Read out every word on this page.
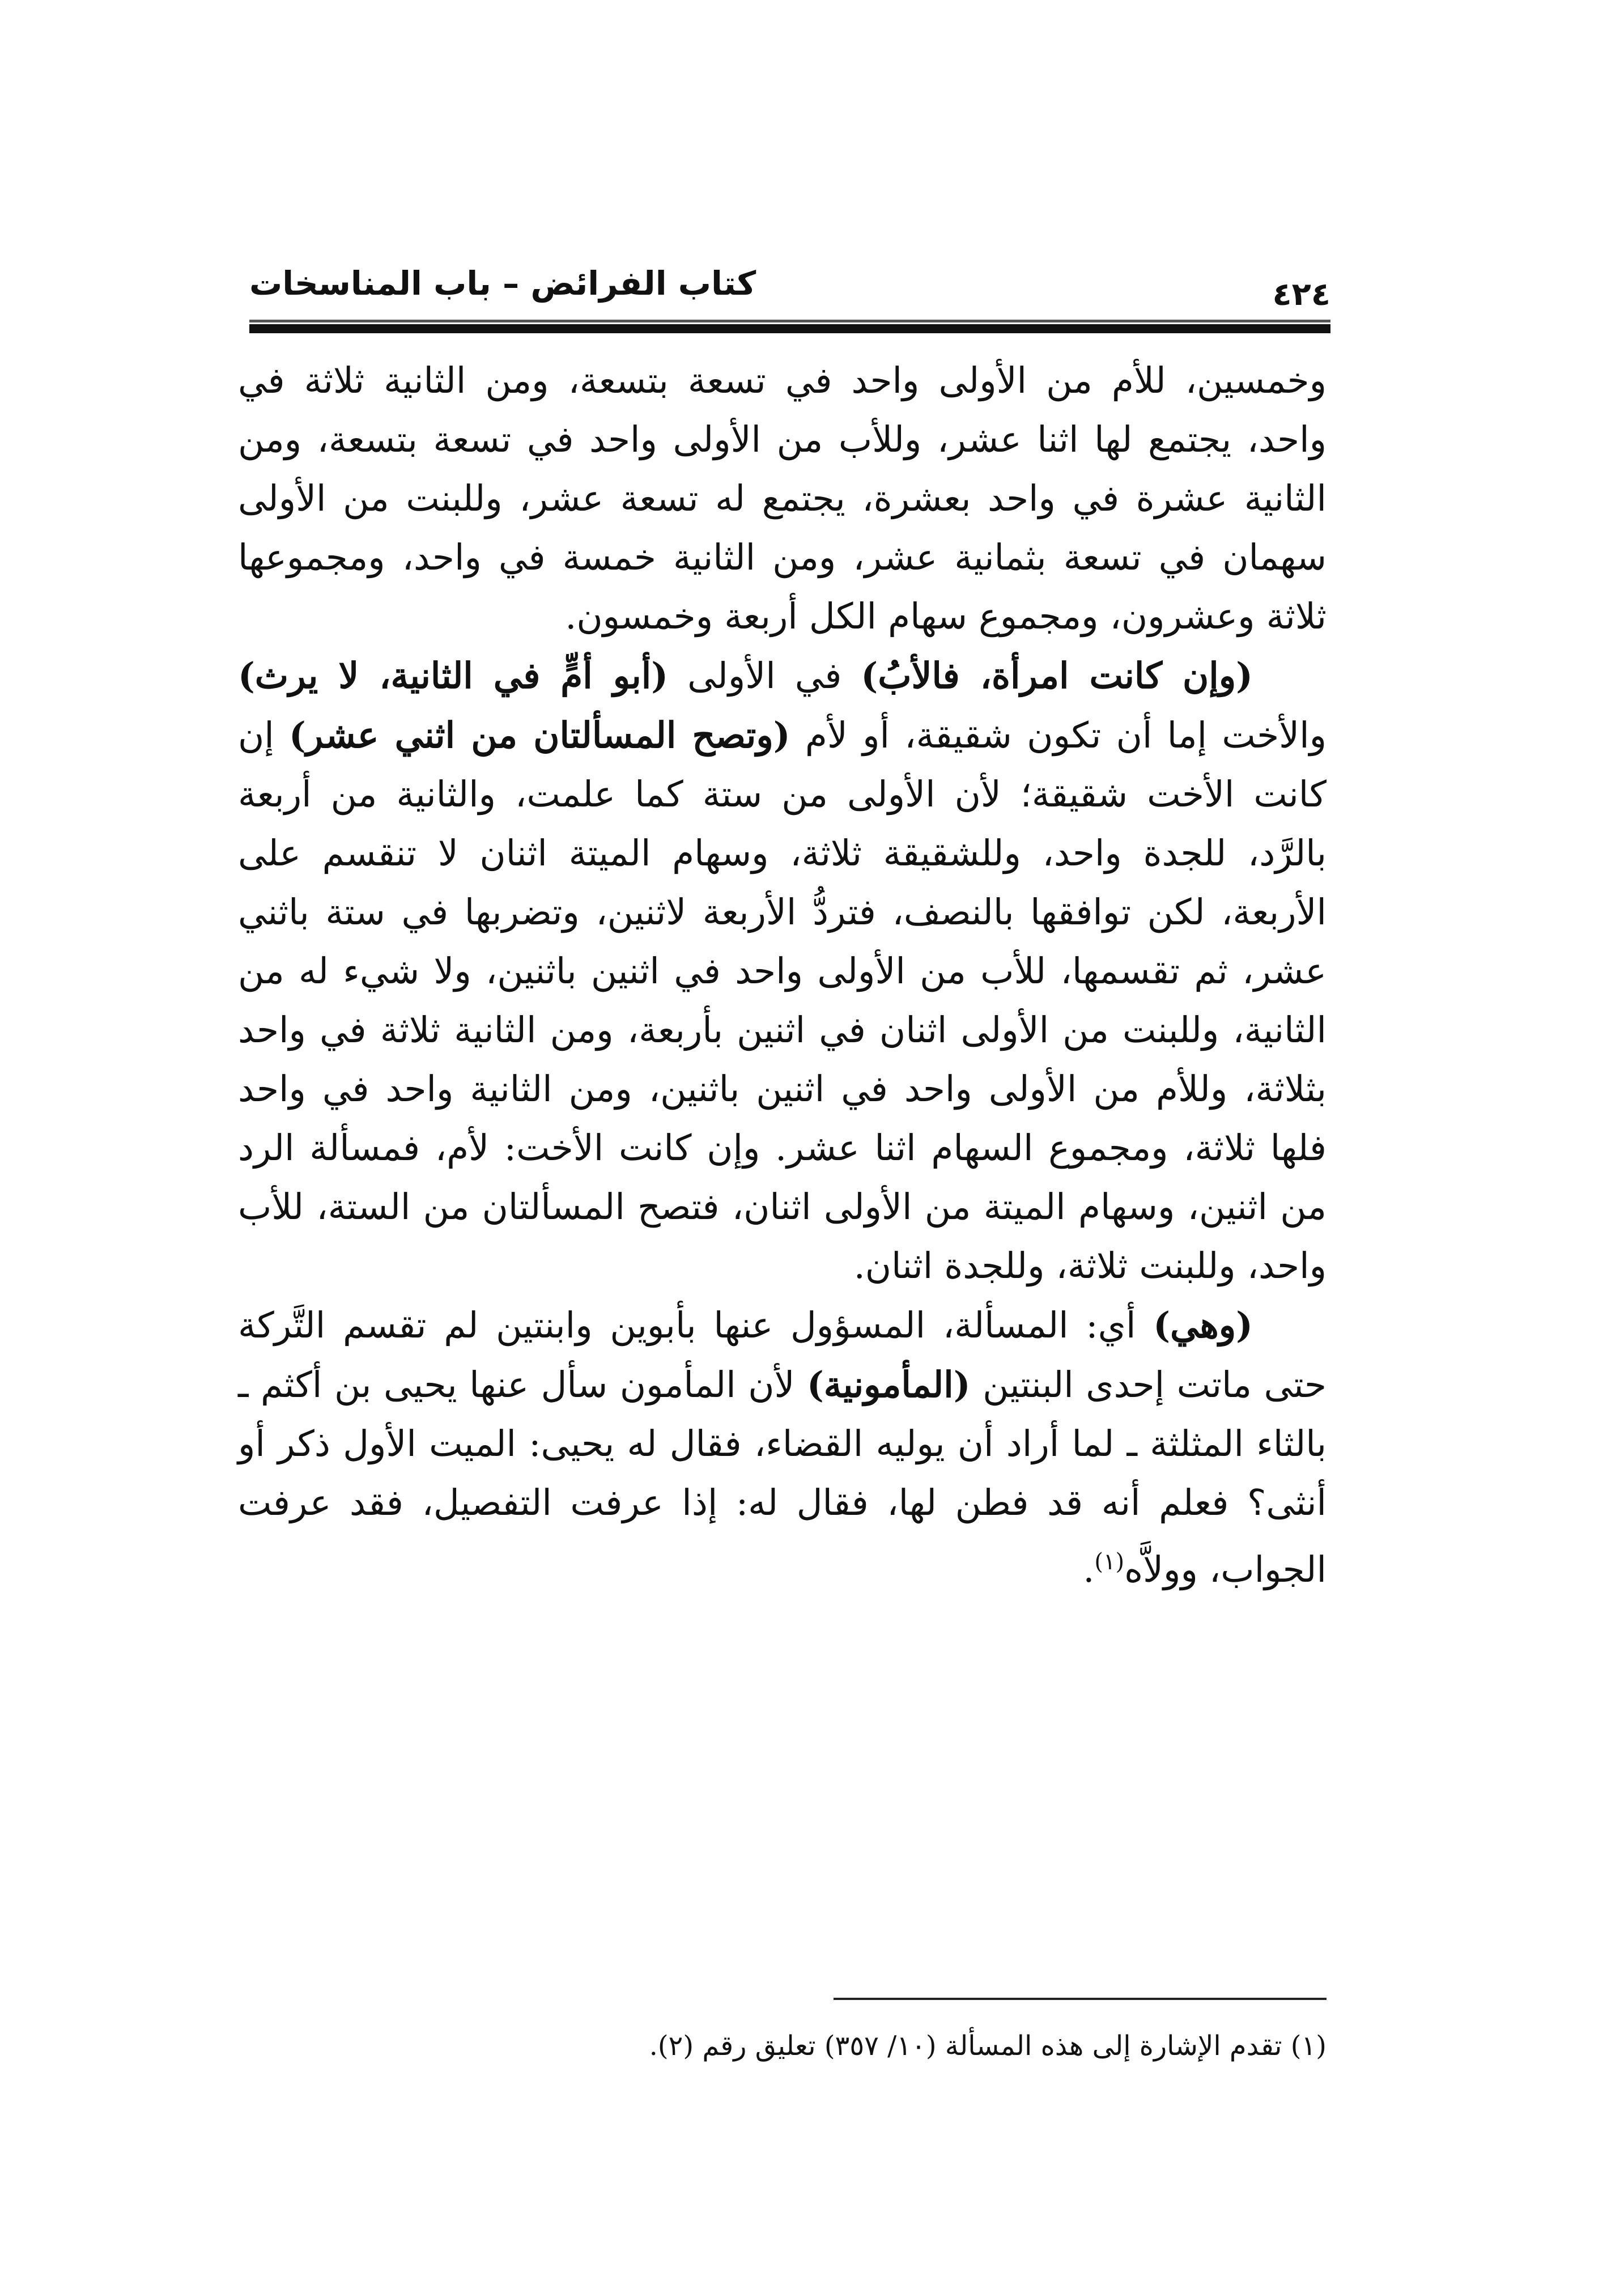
كتاب الفرائض – باب المناسخات	٤٢٤

وخمسين، للأم من الأولى واحد في تسعة بتسعة، ومن الثانية ثلاثة في واحد، يجتمع لها اثنا عشر، وللأب من الأولى واحد في تسعة بتسعة، ومن الثانية عشرة في واحد بعشرة، يجتمع له تسعة عشر، وللبنت من الأولى سهمان في تسعة بثمانية عشر، ومن الثانية خمسة في واحد، ومجموعها ثلاثة وعشرون، ومجموع سهام الكل أربعة وخمسون.

(وإن كانت امرأة، فالأبُ) في الأولى (أبو أمٍّ في الثانية، لا يرث) والأخت إما أن تكون شقيقة، أو لأم (وتصح المسألتان من اثني عشر) إن كانت الأخت شقيقة؛ لأن الأولى من ستة كما علمت، والثانية من أربعة بالرَّد، للجدة واحد، وللشقيقة ثلاثة، وسهام الميتة اثنان لا تنقسم على الأربعة، لكن توافقها بالنصف، فتردُّ الأربعة لاثنين، وتضربها في ستة باثني عشر، ثم تقسمها، للأب من الأولى واحد في اثنين باثنين، ولا شيء له من الثانية، وللبنت من الأولى اثنان في اثنين بأربعة، ومن الثانية ثلاثة في واحد بثلاثة، وللأم من الأولى واحد في اثنين باثنين، ومن الثانية واحد في واحد فلها ثلاثة، ومجموع السهام اثنا عشر. وإن كانت الأخت: لأم، فمسألة الرد من اثنين، وسهام الميتة من الأولى اثنان، فتصح المسألتان من الستة، للأب واحد، وللبنت ثلاثة، وللجدة اثنان.

(وهي) أي: المسألة، المسؤول عنها بأبوين وابنتين لم تقسم التَّركة حتى ماتت إحدى البنتين (المأمونية) لأن المأمون سأل عنها يحيى بن أكثم ـ بالثاء المثلثة ـ لما أراد أن يوليه القضاء، فقال له يحيى: الميت الأول ذكر أو أنثى؟ فعلم أنه قد فطن لها، فقال له: إذا عرفت التفصيل، فقد عرفت الجواب، وولاَّه$^{(١)}$.

(١) تقدم الإشارة إلى هذه المسألة (١٠/ ٣٥٧) تعليق رقم (٢).
